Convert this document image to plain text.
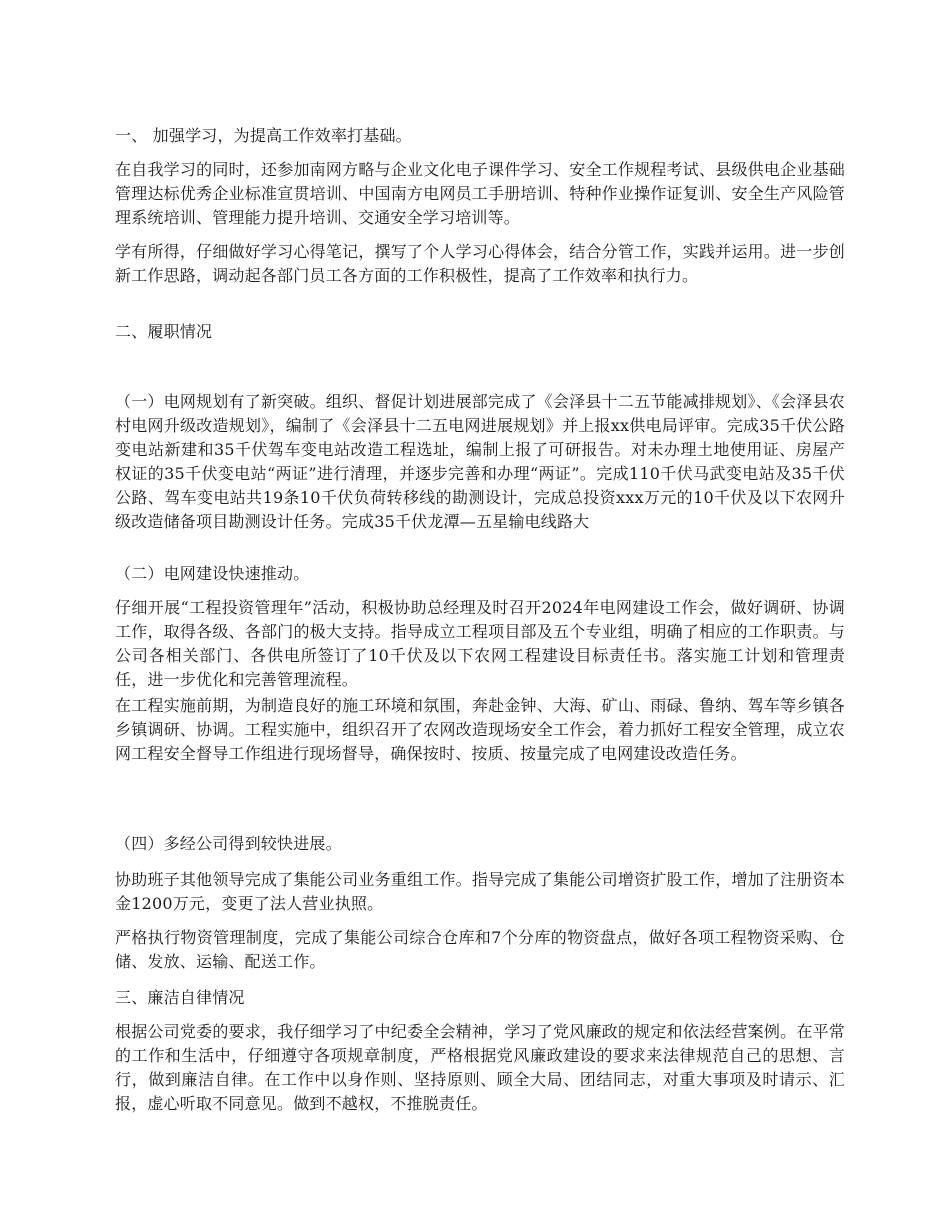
一、 加强学习，为提高工作效率打基础。

在自我学习的同时，还参加南网方略与企业文化电子课件学习、安全工作规程考试、县级供电企业基础管理达标优秀企业标准宣贯培训、中国南方电网员工手册培训、特种作业操作证复训、安全生产风险管理系统培训、管理能力提升培训、交通安全学习培训等。

学有所得，仔细做好学习心得笔记，撰写了个人学习心得体会，结合分管工作，实践并运用。进一步创新工作思路，调动起各部门员工各方面的工作积极性，提高了工作效率和执行力。

二、履职情况

（一）电网规划有了新突破。组织、督促计划进展部完成了《会泽县十二五节能减排规划》、《会泽县农村电网升级改造规划》，编制了《会泽县十二五电网进展规划》并上报xx供电局评审。完成35千伏公路变电站新建和35千伏驾车变电站改造工程选址，编制上报了可研报告。对未办理土地使用证、房屋产权证的35千伏变电站“两证”进行清理，并逐步完善和办理“两证”。完成110千伏马武变电站及35千伏公路、驾车变电站共19条10千伏负荷转移线的勘测设计，完成总投资xxx万元的10千伏及以下农网升级改造储备项目勘测设计任务。完成35千伏龙潭—五星输电线路大

（二）电网建设快速推动。

仔细开展“工程投资管理年”活动，积极协助总经理及时召开2024年电网建设工作会，做好调研、协调工作，取得各级、各部门的极大支持。指导成立工程项目部及五个专业组，明确了相应的工作职责。与公司各相关部门、各供电所签订了10千伏及以下农网工程建设目标责任书。落实施工计划和管理责任，进一步优化和完善管理流程。

在工程实施前期，为制造良好的施工环境和氛围，奔赴金钟、大海、矿山、雨碌、鲁纳、驾车等乡镇各乡镇调研、协调。工程实施中，组织召开了农网改造现场安全工作会，着力抓好工程安全管理，成立农网工程安全督导工作组进行现场督导，确保按时、按质、按量完成了电网建设改造任务。

（四）多经公司得到较快进展。

协助班子其他领导完成了集能公司业务重组工作。指导完成了集能公司增资扩股工作，增加了注册资本金1200万元，变更了法人营业执照。

严格执行物资管理制度，完成了集能公司综合仓库和7个分库的物资盘点，做好各项工程物资采购、仓储、发放、运输、配送工作。

三、廉洁自律情况

根据公司党委的要求，我仔细学习了中纪委全会精神，学习了党风廉政的规定和依法经营案例。在平常的工作和生活中，仔细遵守各项规章制度，严格根据党风廉政建设的要求来法律规范自己的思想、言行，做到廉洁自律。在工作中以身作则、坚持原则、顾全大局、团结同志，对重大事项及时请示、汇报，虚心听取不同意见。做到不越权，不推脱责任。
